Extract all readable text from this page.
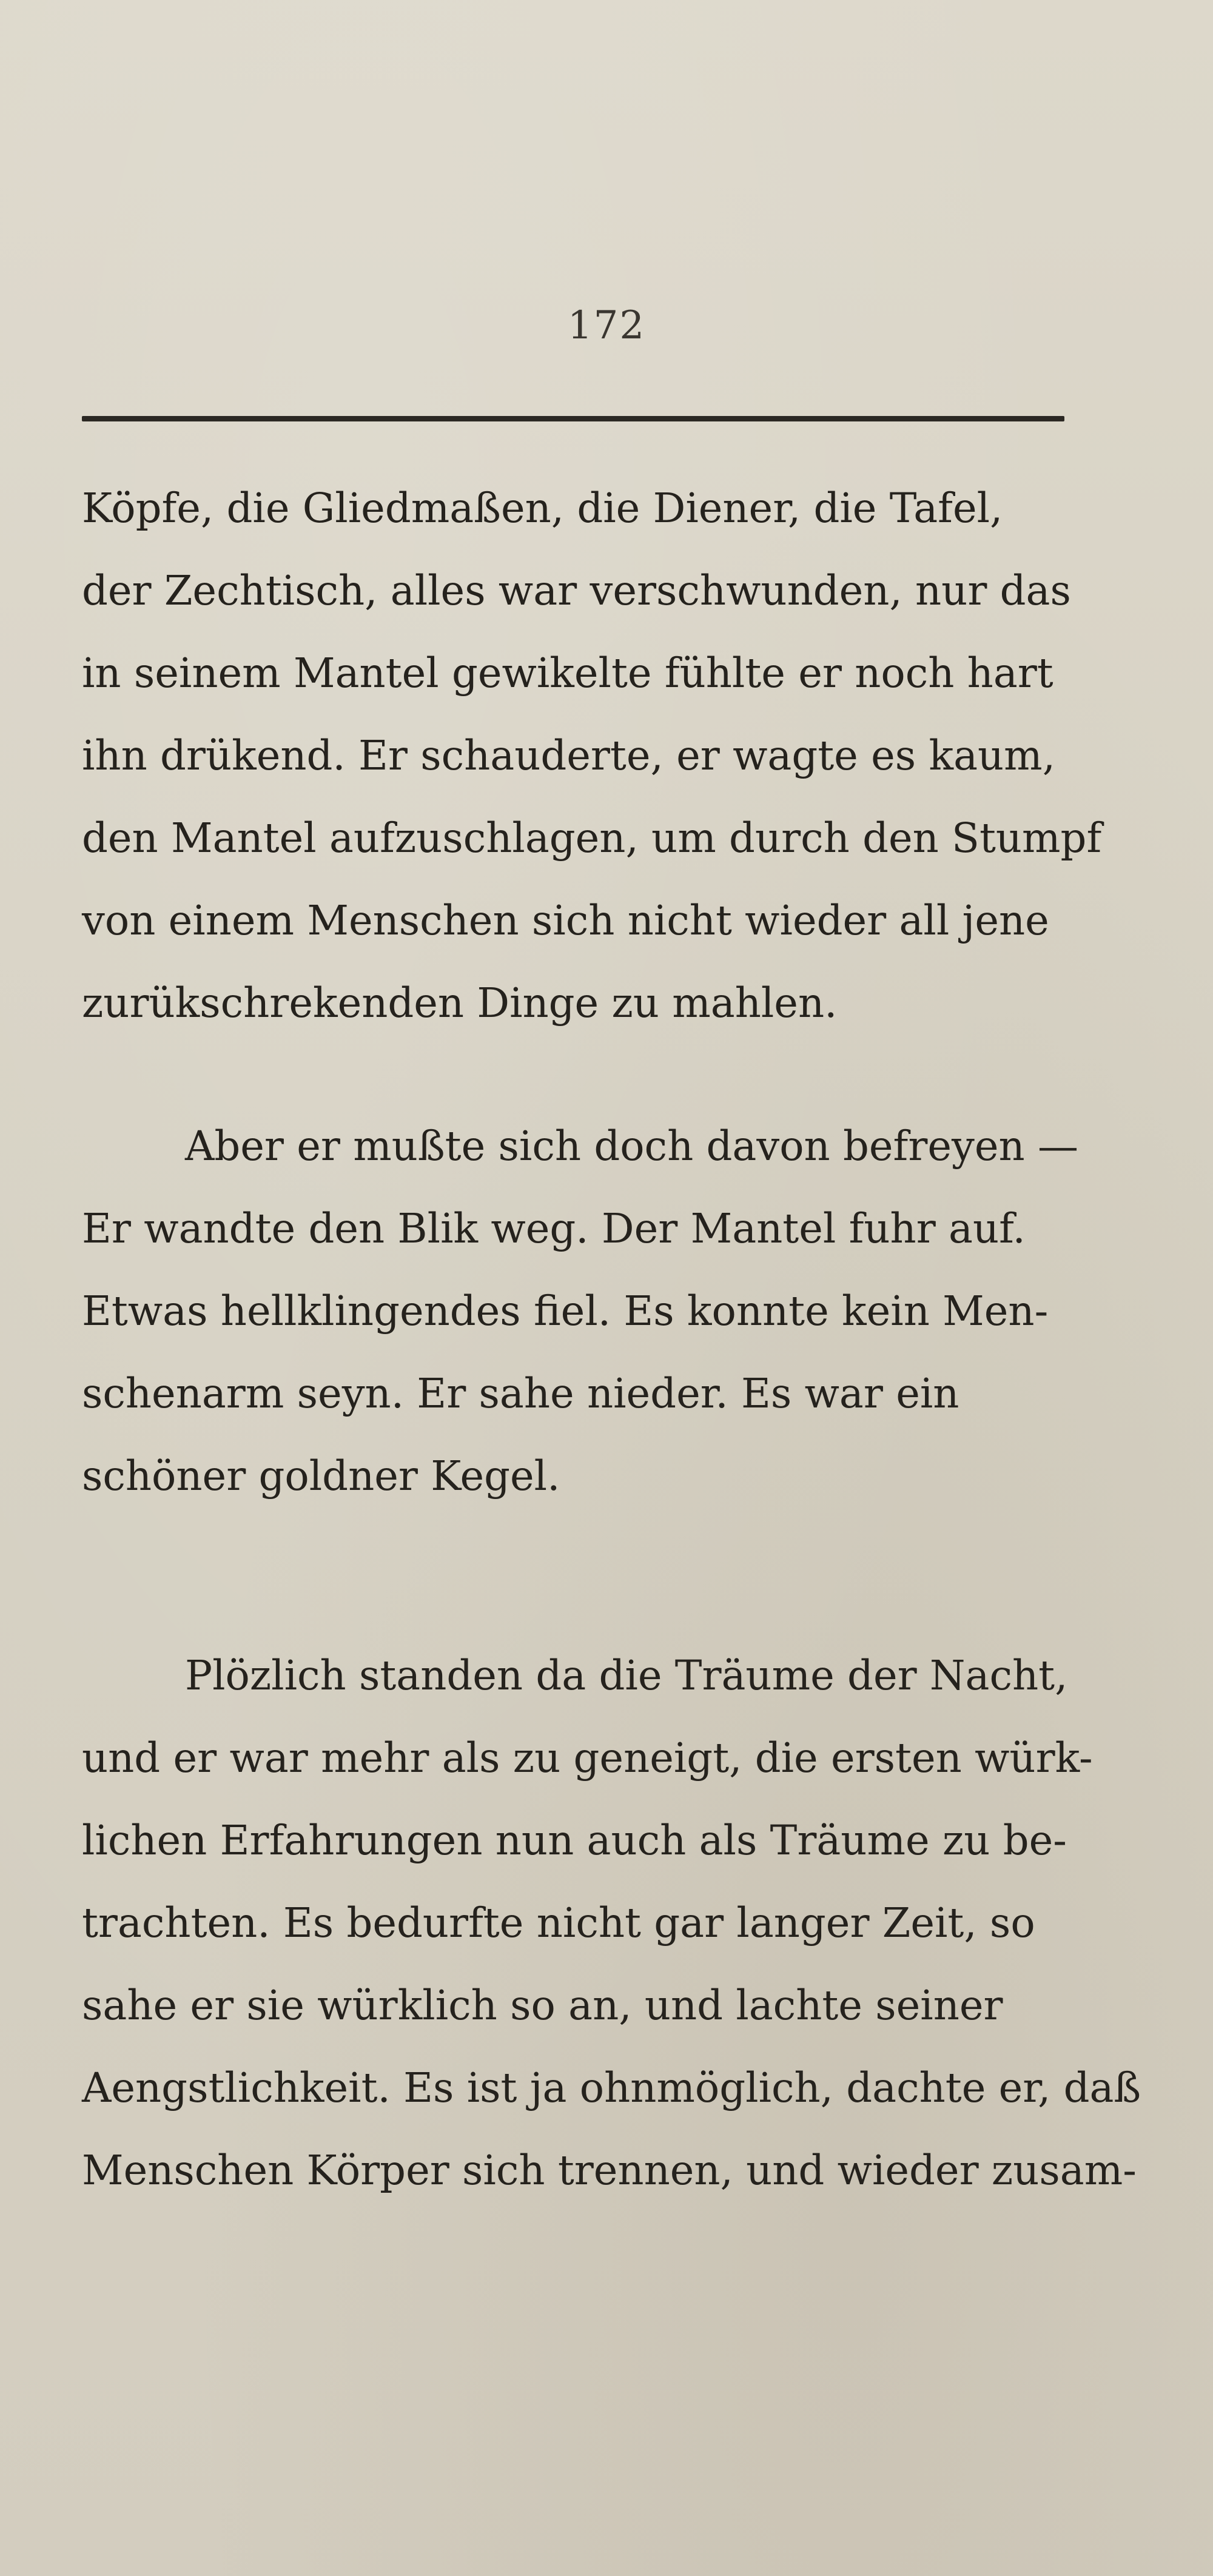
172
Köpfe, die Gliedmaßen, die Diener, die Tafel,
der Zechtisch, alles war verschwunden, nur das
in seinem Mantel gewikelte fühlte er noch hart
ihn drükend. Er schauderte, er wagte es kaum,
den Mantel aufzuschlagen, um durch den Stumpf
von einem Menschen sich nicht wieder all jene
zurükschrekenden Dinge zu mahlen.
Aber er mußte sich doch davon befreyen —
Er wandte den Blik weg. Der Mantel fuhr auf.
Etwas hellklingendes fiel. Es konnte kein Men-
schenarm seyn. Er sahe nieder. Es war ein
schöner goldner Kegel.
Plözlich standen da die Träume der Nacht,
und er war mehr als zu geneigt, die ersten würk-
lichen Erfahrungen nun auch als Träume zu be-
trachten. Es bedurfte nicht gar langer Zeit, so
sahe er sie würklich so an, und lachte seiner
Aengstlichkeit. Es ist ja ohnmöglich, dachte er, daß
Menschen Körper sich trennen, und wieder zusam-
